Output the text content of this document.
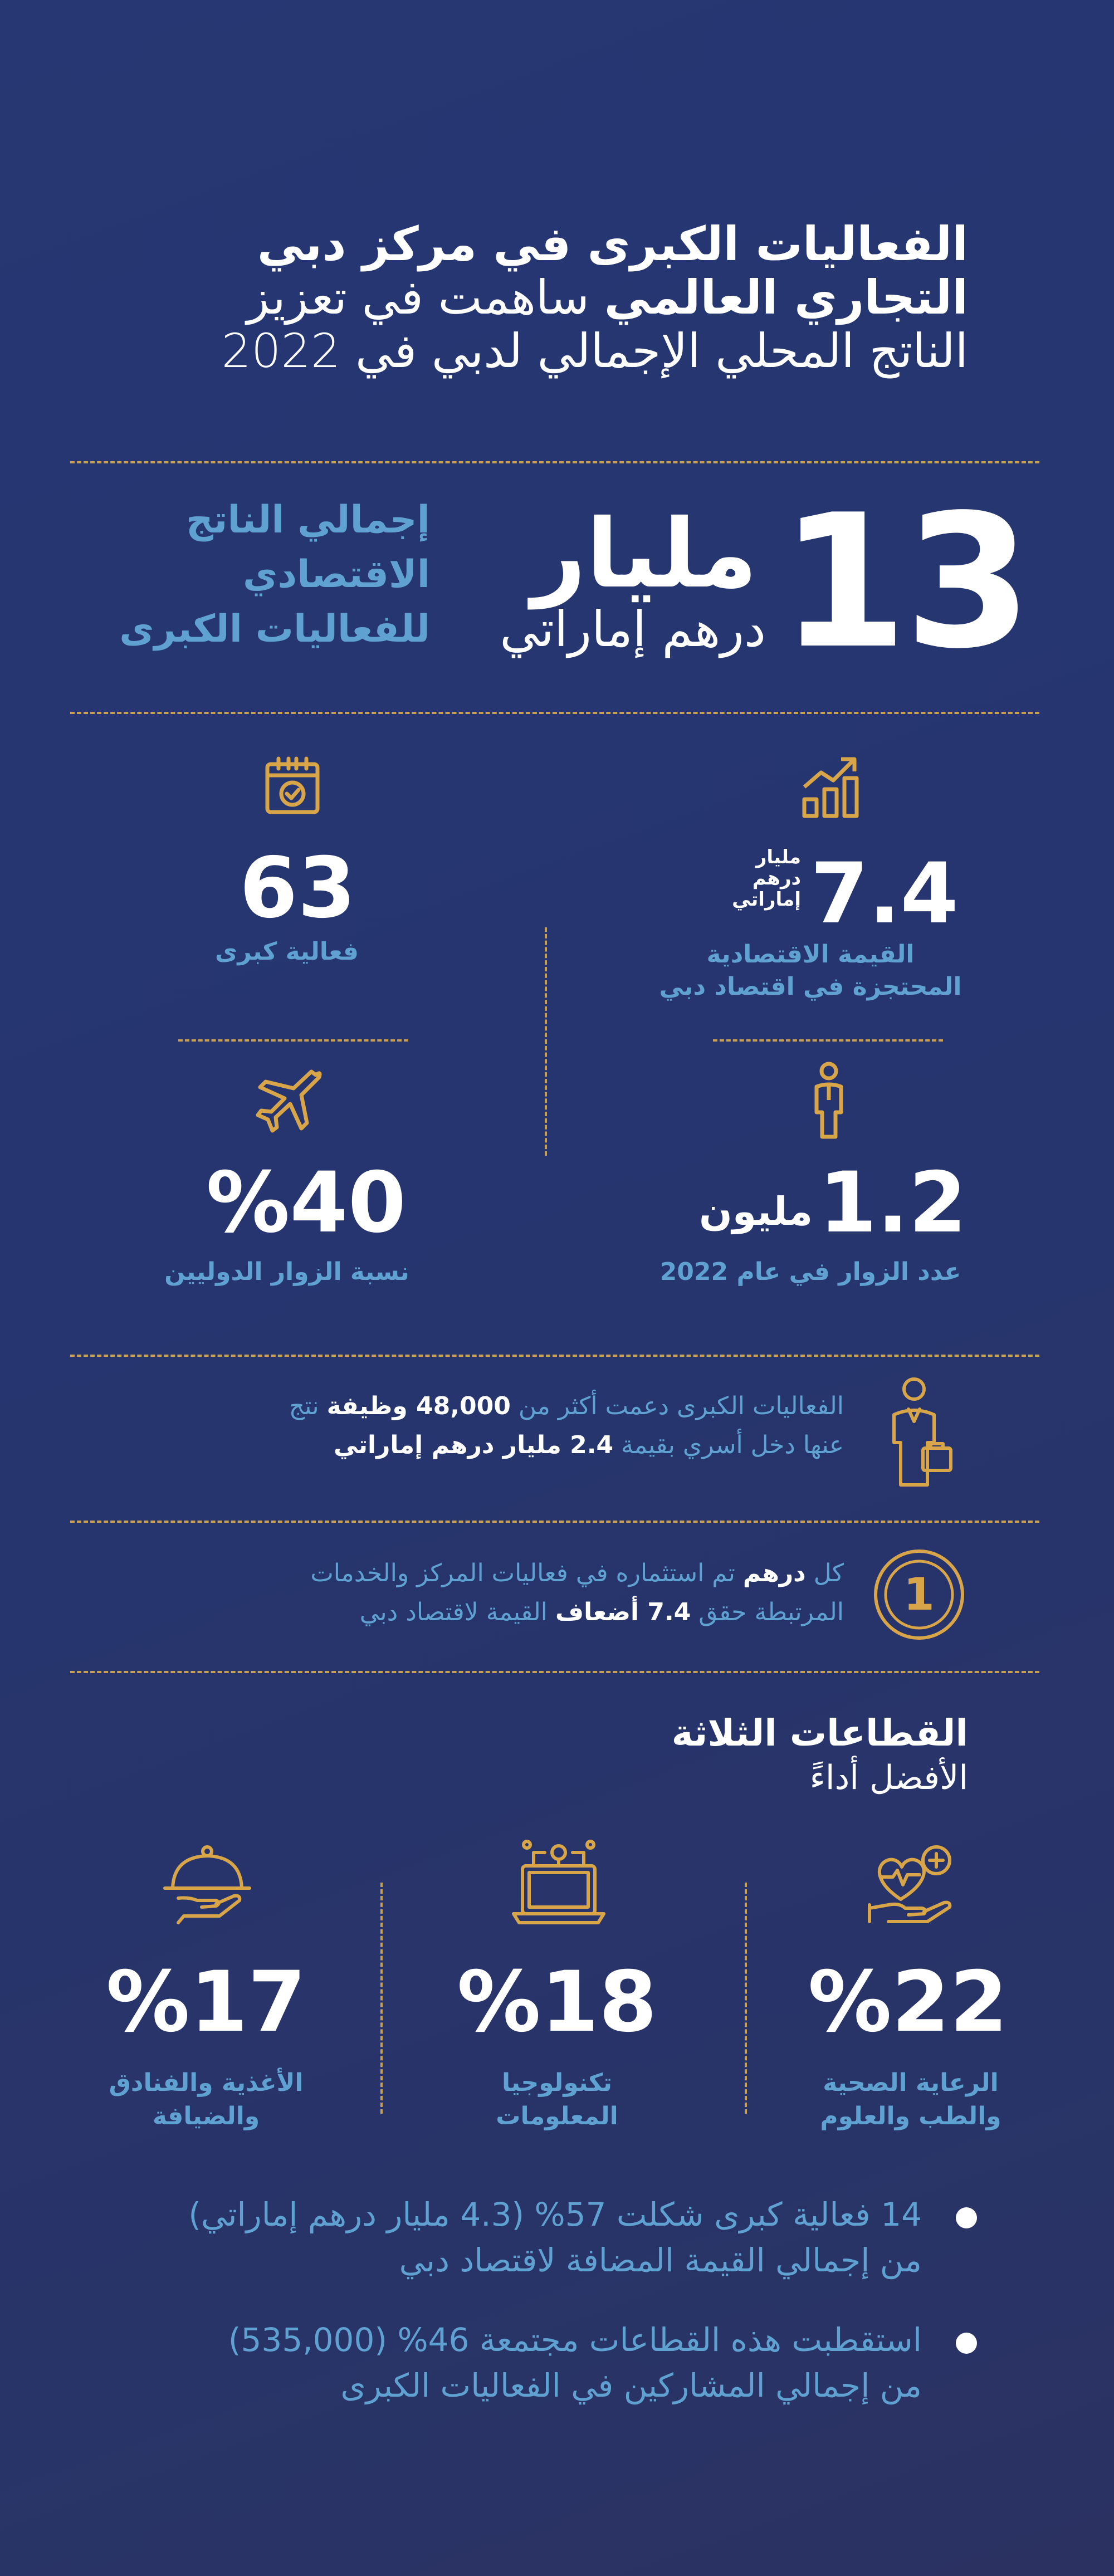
الفعاليات الكبرى في مركز دبي
التجاري العالمي ساهمت في تعزيز
الناتج المحلي الإجمالي لدبي في 2022
13
مليار
درهم إماراتي
إجمالي الناتج
الاقتصادي
للفعاليات الكبرى
7.4
مليار
درهم
إماراتي
القيمة الاقتصادية
المحتجزة في اقتصاد دبي
63
فعالية كبرى
1.2
مليون
عدد الزوار في عام 2022
%40
نسبة الزوار الدوليين
الفعاليات الكبرى دعمت أكثر من 48,000 وظيفة نتج
عنها دخل أسري بقيمة 2.4 مليار درهم إماراتي
1
كل درهم تم استثماره في فعاليات المركز والخدمات
المرتبطة حقق 7.4 أضعاف القيمة لاقتصاد دبي
القطاعات الثلاثة
الأفضل أداءً
%22
%18
%17
الرعاية الصحية
والطب والعلوم
تكنولوجيا
المعلومات
الأغذية والفنادق
والضيافة
14 فعالية كبرى شكلت 57% (4.3 مليار درهم إماراتي)
من إجمالي القيمة المضافة لاقتصاد دبي
استقطبت هذه القطاعات مجتمعة 46% (535,000)
من إجمالي المشاركين في الفعاليات الكبرى
